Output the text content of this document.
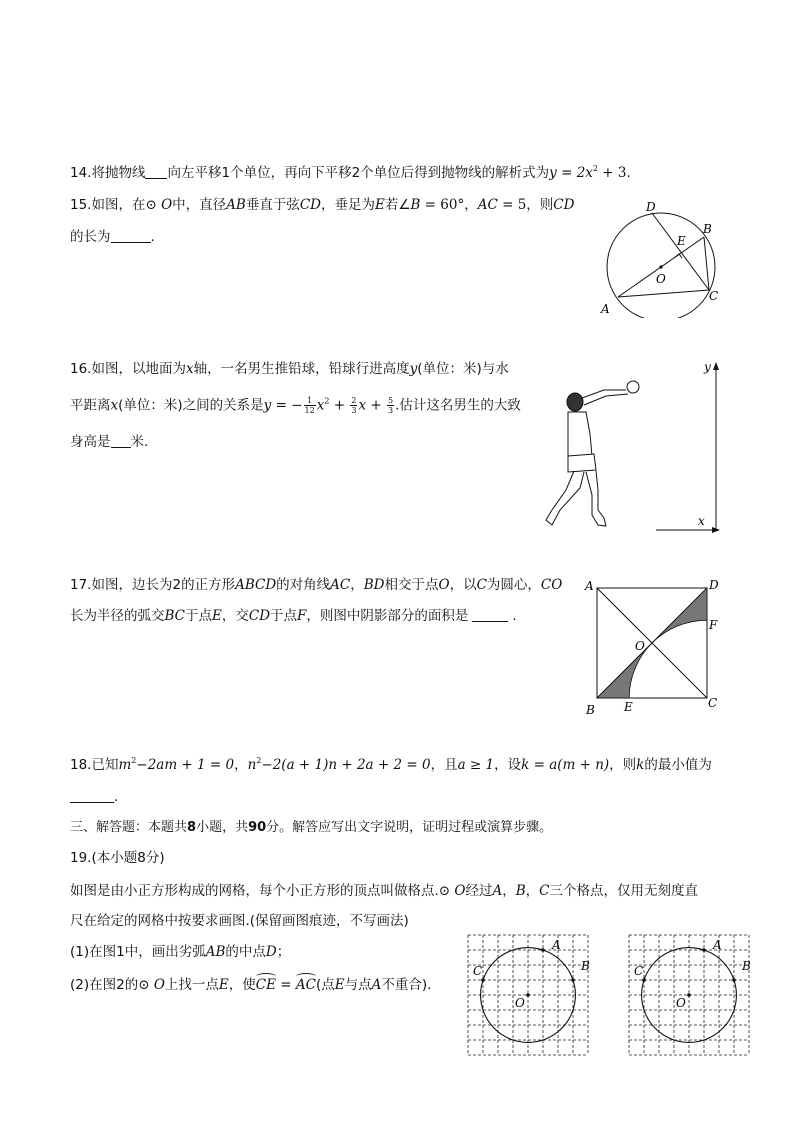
14.将抛物线 向左平移1个单位，再向下平移2个单位后得到抛物线的解析式为$y = 2x^2 + 3$.
15.如图，在⊙ O中，直径AB垂直于弦CD，垂足为E若∠B = 60°，AC = 5，则CD
的长为	.
D
B
E
O
A
C
16.如图，以地面为x轴，一名男生推铅球，铅球行进高度y(单位：米)与水
平距离x(单位：米)之间的关系是y = − $\frac{1}{12} x^2 + \frac{2}{3}$ $x + \frac{5}{3}$ .估计这名男生的大致
身高是 米.
y
x
17.如图，边长为2的正方形ABCD的对角线AC，BD相交于点O，以C为圆心，CO
长为半径的弧交BC于点E，交CD于点F，则图中阴影部分的面积是	.
A	D
F
O
B E	C
18.已知$m^2-2am + 1 = 0$，$n^2-2(a + 1)n + 2a + 2 = 0$，且a ≥ 1，设k = a(m + n)，则k的最小值为
.
三、解答题：本题共8小题，共90分。解答应写出文字说明，证明过程或演算步骤。
19.(本小题8分)
如图是由小正方形构成的网格，每个小正方形的顶点叫做格点.⊙ O经过A，B，C三个格点，仅用无刻度直
尺在给定的网格中按要求画图.(保留画图痕迹，不写画法)
(1)在图1中，画出劣弧AB的中点D；
(2)在图2的⊙ O上找一点E，使CE = AC(点E与点A不重合).
A
B
C
O
A
B
C
O
